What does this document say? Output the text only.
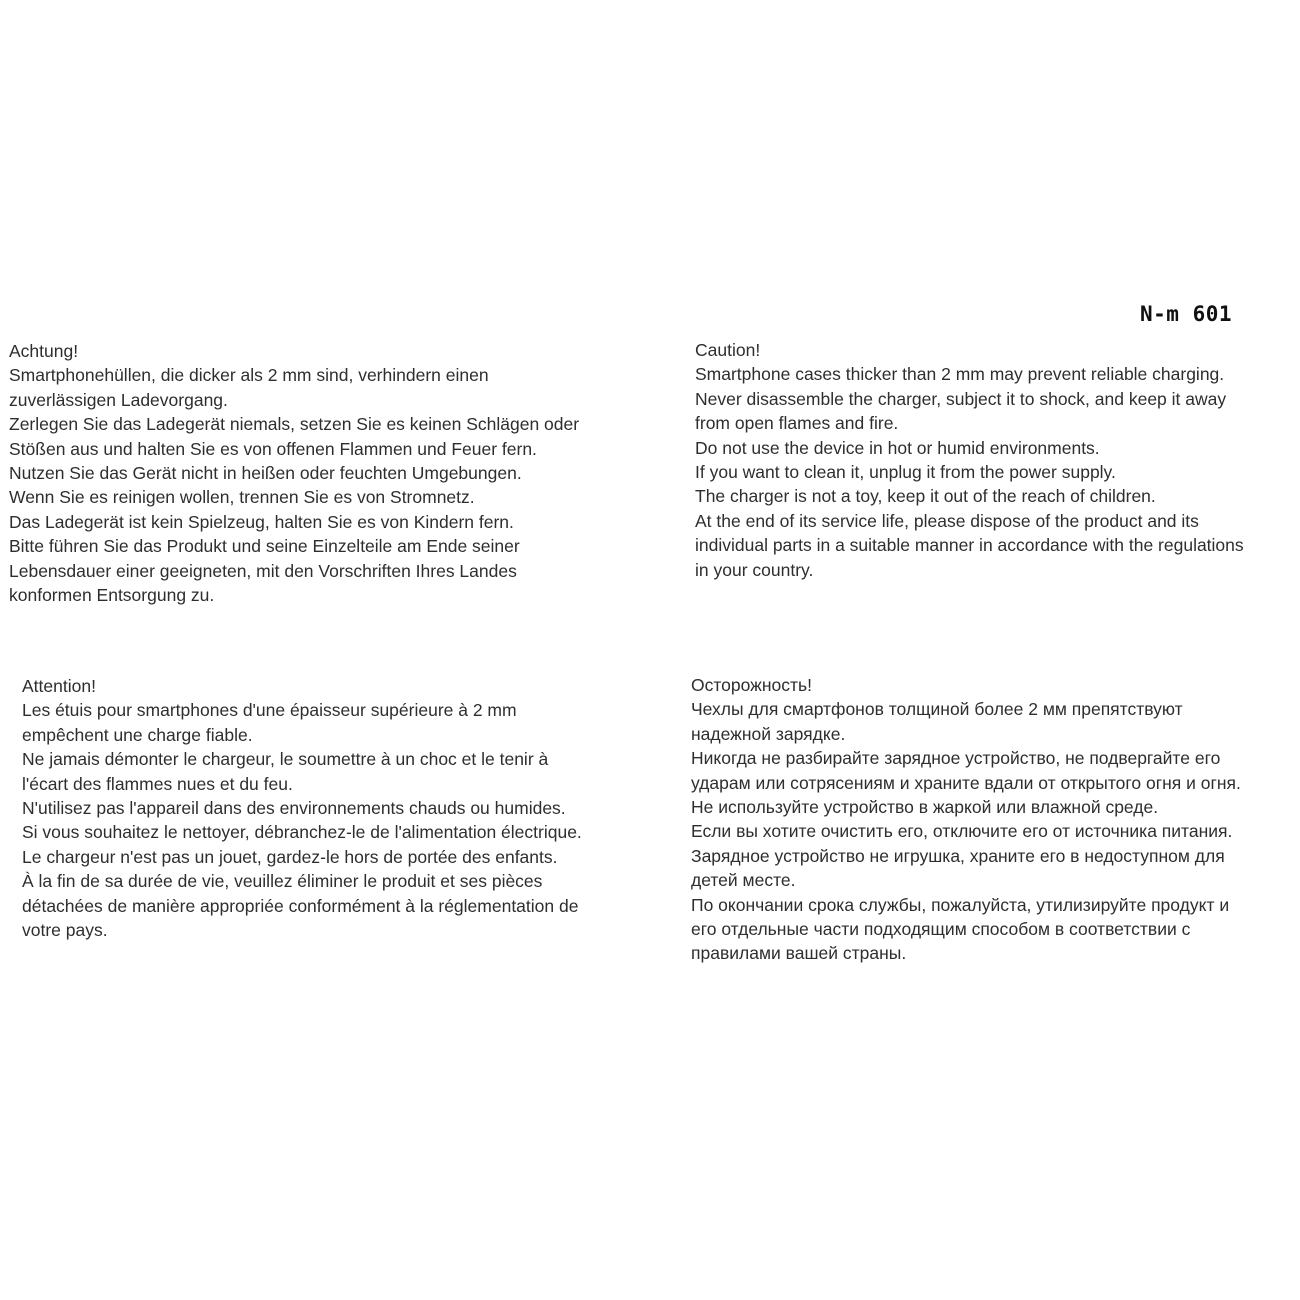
N-m 601
Achtung!
Smartphonehüllen, die dicker als 2 mm sind, verhindern einen
zuverlässigen Ladevorgang.
Zerlegen Sie das Ladegerät niemals, setzen Sie es keinen Schlägen oder
Stößen aus und halten Sie es von offenen Flammen und Feuer fern.
Nutzen Sie das Gerät nicht in heißen oder feuchten Umgebungen.
Wenn Sie es reinigen wollen, trennen Sie es von Stromnetz.
Das Ladegerät ist kein Spielzeug, halten Sie es von Kindern fern.
Bitte führen Sie das Produkt und seine Einzelteile am Ende seiner
Lebensdauer einer geeigneten, mit den Vorschriften Ihres Landes
konformen Entsorgung zu.
Caution!
Smartphone cases thicker than 2 mm may prevent reliable charging.
Never disassemble the charger, subject it to shock, and keep it away
from open flames and fire.
Do not use the device in hot or humid environments.
If you want to clean it, unplug it from the power supply.
The charger is not a toy, keep it out of the reach of children.
At the end of its service life, please dispose of the product and its
individual parts in a suitable manner in accordance with the regulations
in your country.
Attention!
Les étuis pour smartphones d'une épaisseur supérieure à 2 mm
empêchent une charge fiable.
Ne jamais démonter le chargeur, le soumettre à un choc et le tenir à
l'écart des flammes nues et du feu.
N'utilisez pas l'appareil dans des environnements chauds ou humides.
Si vous souhaitez le nettoyer, débranchez-le de l'alimentation électrique.
Le chargeur n'est pas un jouet, gardez-le hors de portée des enfants.
À la fin de sa durée de vie, veuillez éliminer le produit et ses pièces
détachées de manière appropriée conformément à la réglementation de
votre pays.
Осторожность!
Чехлы для смартфонов толщиной более 2 мм препятствуют
надежной зарядке.
Никогда не разбирайте зарядное устройство, не подвергайте его
ударам или сотрясениям и храните вдали от открытого огня и огня.
Не используйте устройство в жаркой или влажной среде.
Если вы хотите очистить его, отключите его от источника питания.
Зарядное устройство не игрушка, храните его в недоступном для
детей месте.
По окончании срока службы, пожалуйста, утилизируйте продукт и
его отдельные части подходящим способом в соответствии с
правилами вашей страны.
